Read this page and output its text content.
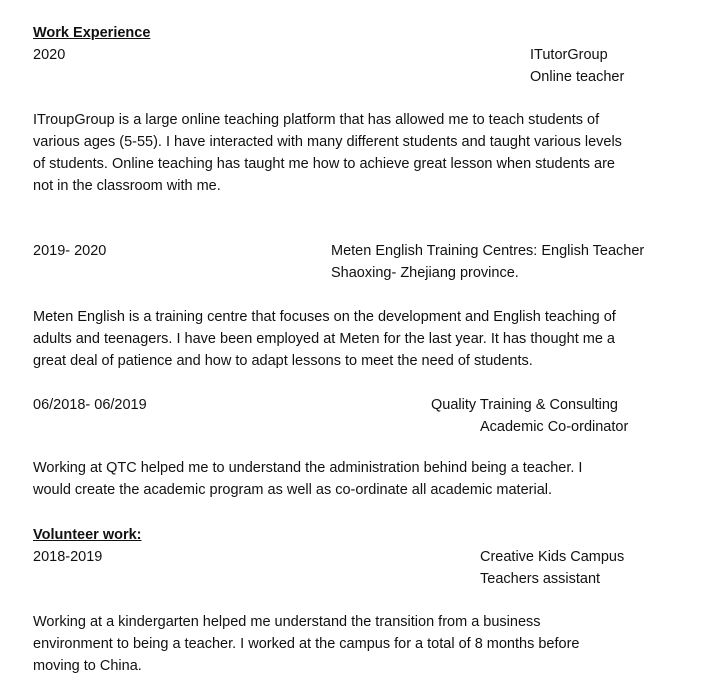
Work Experience
2020	ITutorGroup
Online teacher
ITroupGroup is a large online teaching platform that has allowed me to teach students of
various ages (5-55). I have interacted with many different students and taught various levels
of students. Online teaching has taught me how to achieve great lesson when students are
not in the classroom with me.
2019- 2020	Meten English Training Centres: English Teacher
Shaoxing- Zhejiang province.
Meten English is a training centre that focuses on the development and English teaching of
adults and teenagers. I have been employed at Meten for the last year. It has thought me a
great deal of patience and how to adapt lessons to meet the need of students.
06/2018- 06/2019	Quality Training & Consulting
Academic Co-ordinator
Working at QTC helped me to understand the administration behind being a teacher. I
would create the academic program as well as co-ordinate all academic material.
Volunteer work:
2018-2019	Creative Kids Campus
Teachers assistant
Working at a kindergarten helped me understand the transition from a business
environment to being a teacher. I worked at the campus for a total of 8 months before
moving to China.
